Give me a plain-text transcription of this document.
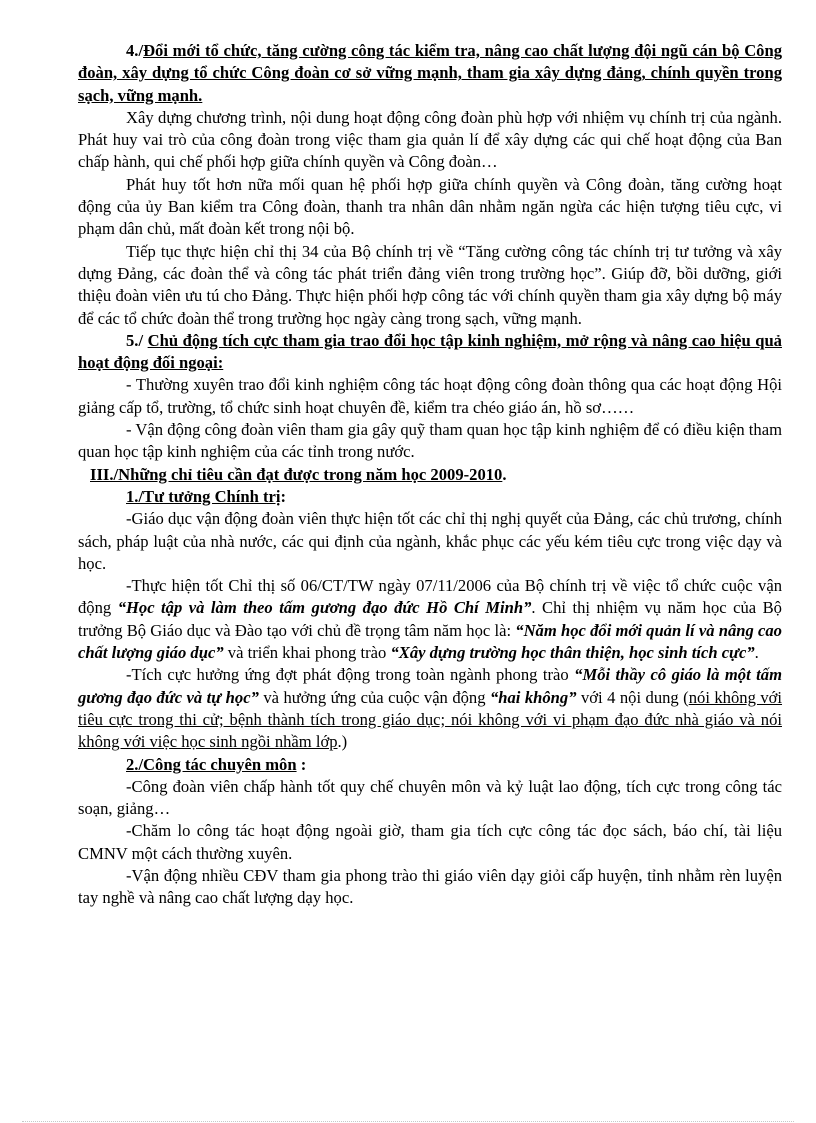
4./Đổi mới tổ chức, tăng cường công tác kiểm tra, nâng cao chất lượng đội ngũ cán bộ Công đoàn, xây dựng tổ chức Công đoàn cơ sở vững mạnh, tham gia xây dựng đảng, chính quyền trong sạch, vững mạnh.

Xây dựng chương trình, nội dung hoạt động công đoàn phù hợp với nhiệm vụ chính trị của ngành. Phát huy vai trò của công đoàn trong việc tham gia quản lí để xây dựng các qui chế hoạt động của Ban chấp hành, qui chế phối hợp giữa chính quyền và Công đoàn…

Phát huy tốt hơn nữa mối quan hệ phối hợp giữa chính quyền và Công đoàn, tăng cường hoạt động của ủy Ban kiểm tra Công đoàn, thanh tra nhân dân nhằm ngăn ngừa các hiện tượng tiêu cực, vi phạm dân chủ, mất đoàn kết trong nội bộ.

Tiếp tục thực hiện chỉ thị 34 của Bộ chính trị về “Tăng cường công tác chính trị tư tưởng và xây dựng Đảng, các đoàn thể và công tác phát triển đảng viên trong trường học”. Giúp đỡ, bồi dưỡng, giới thiệu đoàn viên ưu tú cho Đảng. Thực hiện phối hợp công tác với chính quyền tham gia xây dựng bộ máy để các tổ chức đoàn thể trong trường học ngày càng trong sạch, vững mạnh.

5./ Chủ động tích cực tham gia trao đổi học tập kinh nghiệm, mở rộng và nâng cao hiệu quả hoạt động đối ngoại:

- Thường xuyên trao đổi kinh nghiệm công tác hoạt động công đoàn thông qua các hoạt động Hội giảng cấp tổ, trường, tổ chức sinh hoạt chuyên đề, kiểm tra chéo giáo án, hồ sơ……

- Vận động công đoàn viên tham gia gây quỹ tham quan học tập kinh nghiệm để có điều kiện tham quan học tập kinh nghiệm của các tỉnh trong nước.

III./Những chỉ tiêu cần đạt được trong năm học 2009-2010.

1./Tư tưởng Chính trị:

-Giáo dục vận động đoàn viên thực hiện tốt các chỉ thị nghị quyết của Đảng, các chủ trương, chính sách, pháp luật của nhà nước, các qui định của ngành, khắc phục các yếu kém tiêu cực trong việc dạy và học.

-Thực hiện tốt Chỉ thị số 06/CT/TW ngày 07/11/2006 của Bộ chính trị về việc tổ chức cuộc vận động “Học tập và làm theo tấm gương đạo đức Hồ Chí Minh”. Chỉ thị nhiệm vụ năm học của Bộ trưởng Bộ Giáo dục và Đào tạo với chủ đề trọng tâm năm học là: “Năm học đổi mới quản lí và nâng cao chất lượng giáo dục” và triển khai phong trào “Xây dựng trường học thân thiện, học sinh tích cực”.

-Tích cực hưởng ứng đợt phát động trong toàn ngành phong trào “Mỗi thầy cô giáo là một tấm gương đạo đức và tự học” và hưởng ứng của cuộc vận động “hai không” với 4 nội dung (nói không với tiêu cực trong thi cử; bệnh thành tích trong giáo dục; nói không với vi phạm đạo đức nhà giáo và nói không với việc học sinh ngồi nhầm lớp.)

2./Công tác chuyên môn :

-Công đoàn viên chấp hành tốt quy chế chuyên môn và kỷ luật lao động, tích cực trong công tác soạn, giảng…

-Chăm lo công tác hoạt động ngoài giờ, tham gia tích cực công tác đọc sách, báo chí, tài liệu CMNV một cách thường xuyên.

-Vận động nhiều CĐV tham gia phong trào thi giáo viên dạy giỏi cấp huyện, tỉnh nhằm rèn luyện tay nghề và nâng cao chất lượng dạy học.
